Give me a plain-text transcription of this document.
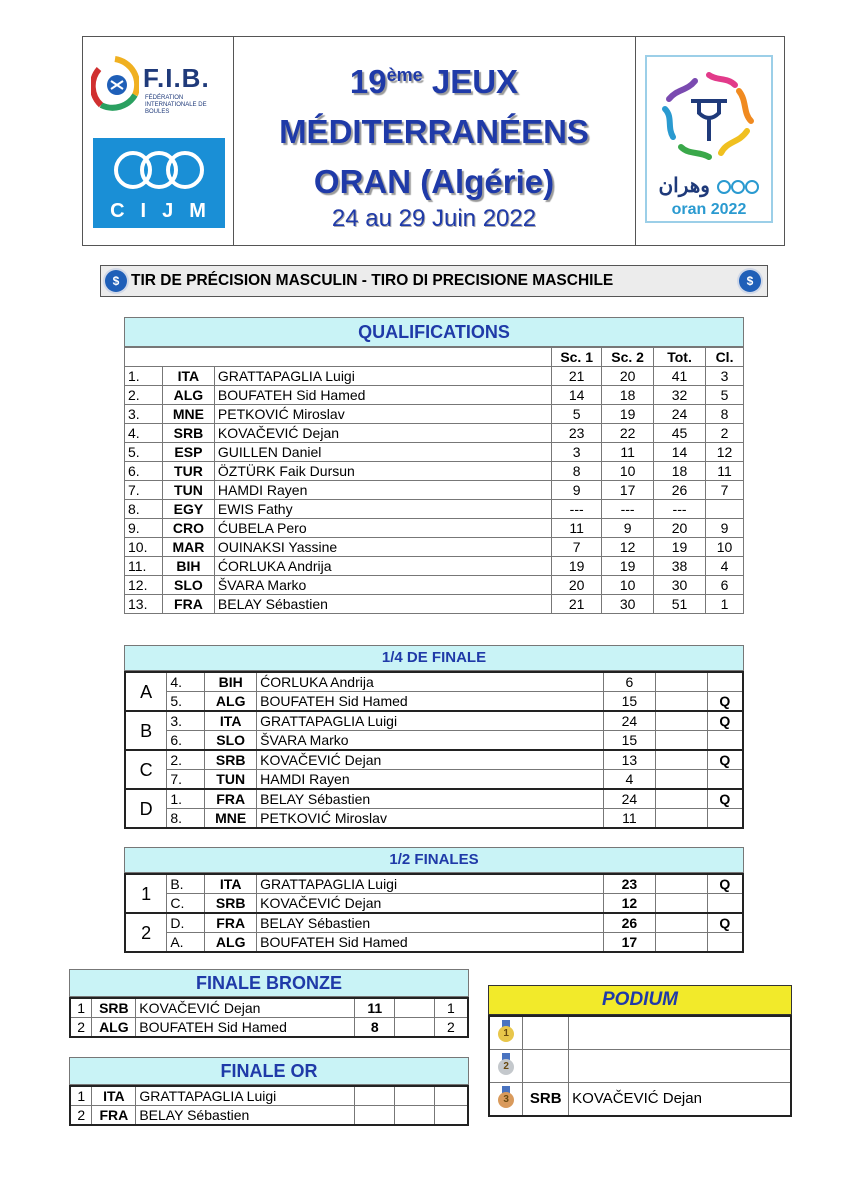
F.I.B.
FÉDÉRATION INTERNATIONALE DE BOULES
CIJM
19ème JEUX
MÉDITERRANÉENS
ORAN (Algérie)
24 au 29 Juin 2022
وهران
oran 2022
$ TIR DE PRÉCISION MASCULIN - TIRO DI PRECISIONE MASCHILE	$
QUALIFICATIONS
			Sc. 1	Sc. 2	Tot.	Cl.
1.	ITA	GRATTAPAGLIA Luigi	21	20	41	3
2.	ALG	BOUFATEH Sid Hamed	14	18	32	5
3.	MNE	PETKOVIĆ Miroslav	5	19	24	8
4.	SRB	KOVAČEVIĆ Dejan	23	22	45	2
5.	ESP	GUILLEN Daniel	3	11	14	12
6.	TUR	ÖZTÜRK Faik Dursun	8	10	18	11
7.	TUN	HAMDI Rayen	9	17	26	7
8.	EGY	EWIS Fathy	---	---	---	
9.	CRO	ĆUBELA Pero	11	9	20	9
10.	MAR	OUINAKSI Yassine	7	12	19	10
11.	BIH	ĆORLUKA Andrija	19	19	38	4
12.	SLO	ŠVARA Marko	20	10	30	6
13.	FRA	BELAY Sébastien	21	30	51	1
1/4 DE FINALE
A	4.	BIH	ĆORLUKA Andrija	6		
	5.	ALG	BOUFATEH Sid Hamed	15		Q
B	3.	ITA	GRATTAPAGLIA Luigi	24		Q
	6.	SLO	ŠVARA Marko	15		
C	2.	SRB	KOVAČEVIĆ Dejan	13		Q
	7.	TUN	HAMDI Rayen	4		
D	1.	FRA	BELAY Sébastien	24		Q
	8.	MNE	PETKOVIĆ Miroslav	11		
1/2 FINALES
1	B.	ITA	GRATTAPAGLIA Luigi	23		Q
	C.	SRB	KOVAČEVIĆ Dejan	12		
2	D.	FRA	BELAY Sébastien	26		Q
	A.	ALG	BOUFATEH Sid Hamed	17		
FINALE BRONZE
1	SRB	KOVAČEVIĆ Dejan	11		1
2	ALG	BOUFATEH Sid Hamed	8		2
FINALE OR
1	ITA	GRATTAPAGLIA Luigi			
2	FRA	BELAY Sébastien			
PODIUM
1		

2		

3	SRB	KOVAČEVIĆ Dejan
